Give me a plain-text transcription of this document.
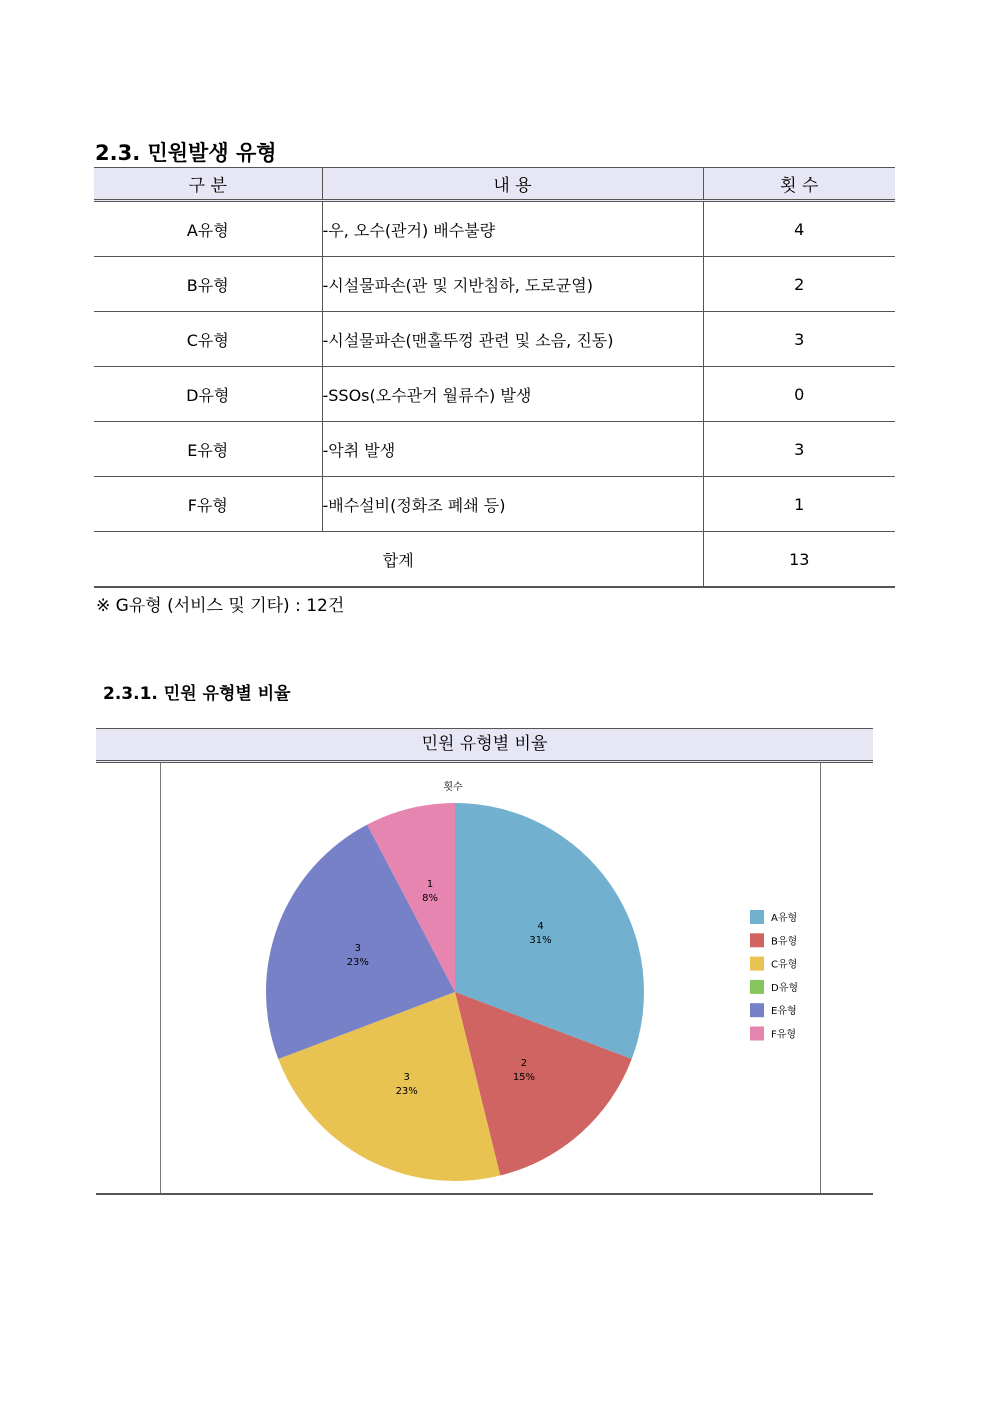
2.3. 민원발생 유형
구 분	내 용	횟 수
A유형	-우, 오수(관거) 배수불량	4
B유형	-시설물파손(관 및 지반침하, 도로균열)	2
C유형	-시설물파손(맨홀뚜껑 관련 및 소음, 진동)	3
D유형	-SSOs(오수관거 월류수) 발생	0
E유형	-악취 발생	3
F유형	-배수설비(정화조 폐쇄 등)	1
합계		13

※ G유형 (서비스 및 기타) : 12건

2.3.1. 민원 유형별 비율
민원 유형별 비율
횟수
4
31%
2
15%
3
23%
3
23%
1
8%
A유형
B유형
C유형
D유형
E유형
F유형
